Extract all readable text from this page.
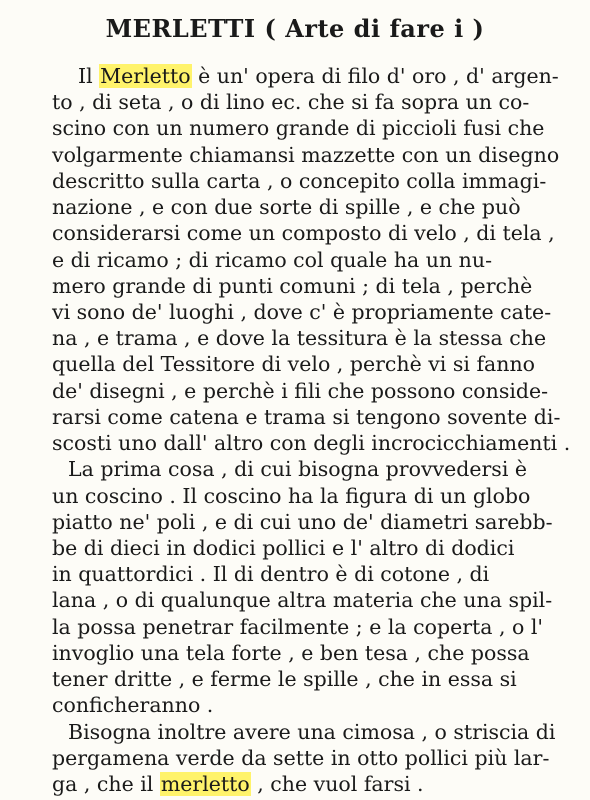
MERLETTI ( Arte di fare i )
Il Merletto è un' opera di filo d' oro , d' argen-
to , di seta , o di lino ec. che si fa sopra un co-
scino con un numero grande di piccioli fusi che
volgarmente chiamansi mazzette con un disegno
descritto sulla carta , o concepito colla immagi-
nazione , e con due sorte di spille , e che può
considerarsi come un composto di velo , di tela ,
e di ricamo ; di ricamo col quale ha un nu-
mero grande di punti comuni ; di tela , perchè
vi sono de' luoghi , dove c' è propriamente cate-
na , e trama , e dove la tessitura è la stessa che
quella del Tessitore di velo , perchè vi si fanno
de' disegni , e perchè i fili che possono conside-
rarsi come catena e trama si tengono sovente di-
scosti uno dall' altro con degli incrocicchiamenti .
La prima cosa , di cui bisogna provvedersi è
un coscino . Il coscino ha la figura di un globo
piatto ne' poli , e di cui uno de' diametri sarebb-
be di dieci in dodici pollici e l' altro di dodici
in quattordici . Il di dentro è di cotone , di
lana , o di qualunque altra materia che una spil-
la possa penetrar facilmente ; e la coperta , o l'
invoglio una tela forte , e ben tesa , che possa
tener dritte , e ferme le spille , che in essa si
conficheranno .
Bisogna inoltre avere una cimosa , o striscia di
pergamena verde da sette in otto pollici più lar-
ga , che il merletto , che vuol farsi .
